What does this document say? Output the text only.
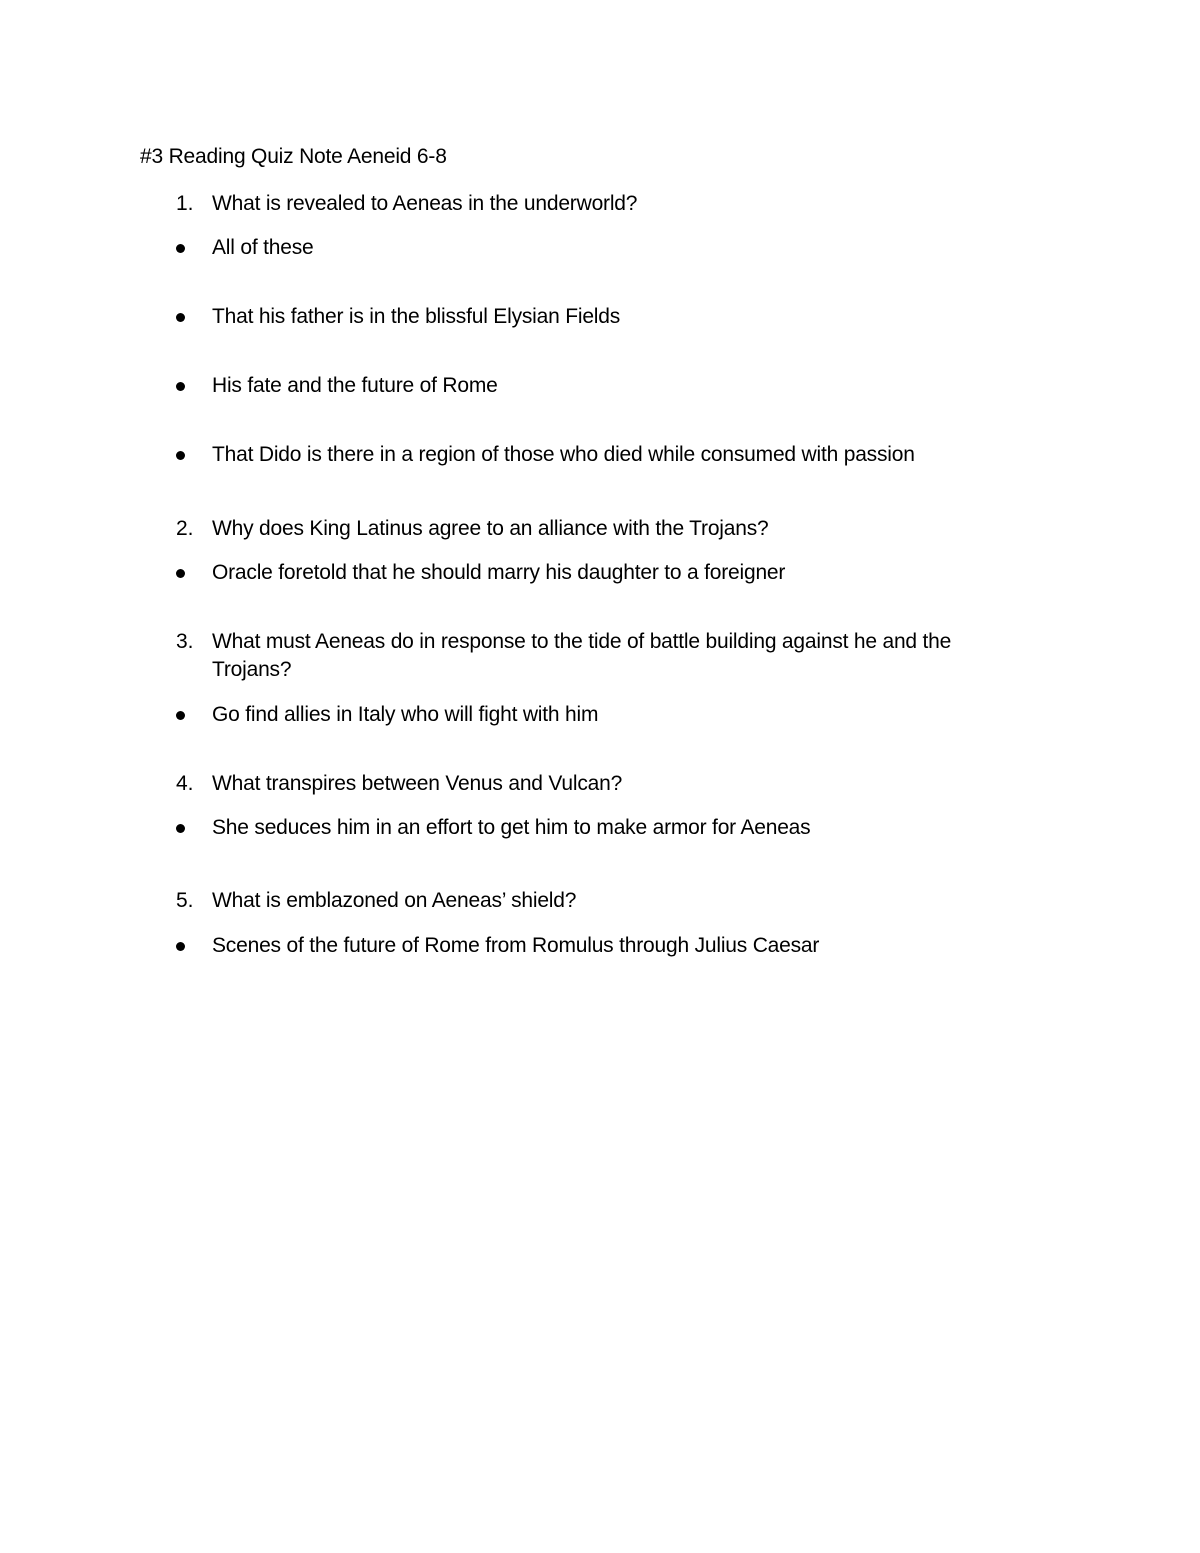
#3 Reading Quiz Note Aeneid 6-8
1. What is revealed to Aeneas in the underworld?
All of these
That his father is in the blissful Elysian Fields
His fate and the future of Rome
That Dido is there in a region of those who died while consumed with passion
2. Why does King Latinus agree to an alliance with the Trojans?
Oracle foretold that he should marry his daughter to a foreigner
3. What must Aeneas do in response to the tide of battle building against he and the
Trojans?
Go find allies in Italy who will fight with him
4. What transpires between Venus and Vulcan?
She seduces him in an effort to get him to make armor for Aeneas
5. What is emblazoned on Aeneas’ shield?
Scenes of the future of Rome from Romulus through Julius Caesar
